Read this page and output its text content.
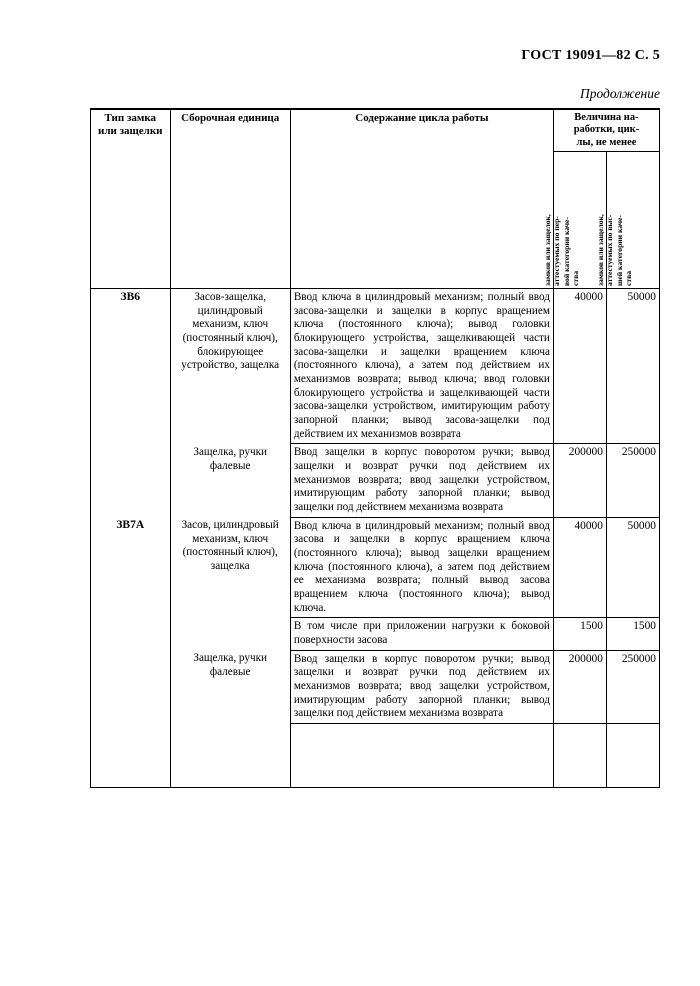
ГОСТ 19091—82 С. 5
Продолжение
Тип замка или защелки	Сборочная единица	Содержание цикла работы	Величина на-
работки, цик-
лы, не менее	

			замков или защелок, аттестуемых по пер- вой категории каче- ства	замков или защелок, аттестуемых по выс- шей категории каче- ства

ЗВ6	Засов-защелка, цилиндровый механизм, ключ (постоянный ключ), блокирующее устройство, защелка	Ввод ключа в цилиндровый механизм; полный ввод засова-защелки и защелки в корпус вращением ключа (постоянного ключа); вывод головки блокирующего устройства, защелкивающей части засова-защелки и защелки вращением ключа (постоянного ключа), а затем под действием их механизмов возврата; вывод ключа; ввод головки блокирующего устройства и защелкивающей части засова-защелки устройством, имитирующим работу запорной планки; вывод засова-защелки под действием их механизмов возврата	40000	50000
	Защелка, ручки фалевые	Ввод защелки в корпус поворотом ручки; вывод защелки и возврат ручки под действием их механизмов возврата; ввод защелки устройством, имитирующим работу запорной планки; вывод защелки под действием механизма возврата	200000	250000
ЗВ7А	Засов, цилиндровый механизм, ключ (постоянный ключ), защелка	Ввод ключа в цилиндровый механизм; полный ввод засова и защелки в корпус вращением ключа (постоянного ключа); вывод защелки вращением ключа (постоянного ключа), а затем под действием ее механизма возврата; полный вывод засова вращением ключа (постоянного ключа); вывод ключа.	40000	50000
		В том числе при приложении нагрузки к боковой поверхности засова	1500	1500
	Защелка, ручки фалевые	Ввод защелки в корпус поворотом ручки; вывод защелки и возврат ручки под действием их механизмов возврата; ввод защелки устройством, имитирующим работу запорной планки; вывод защелки под действием механизма возврата	200000	250000
